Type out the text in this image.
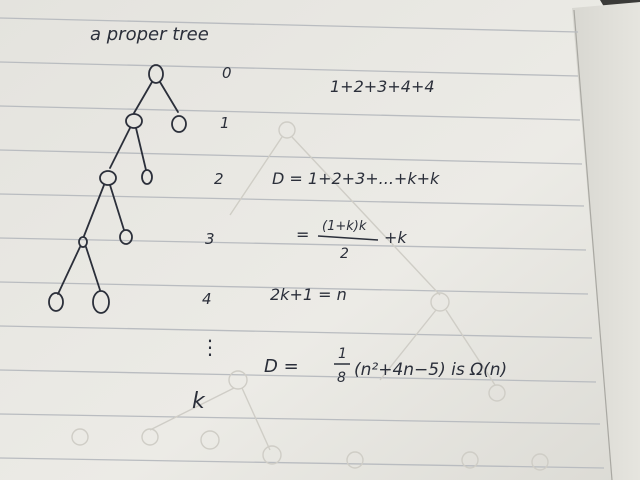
a proper tree
0
1
2
3
4
⋮
k
1+2+3+4+4
D = 1+2+3+...+k+k
= (1+k)k
2
+k
2k+1 = n
D =
1
8 (n²+4n−5) is Ω(n)
